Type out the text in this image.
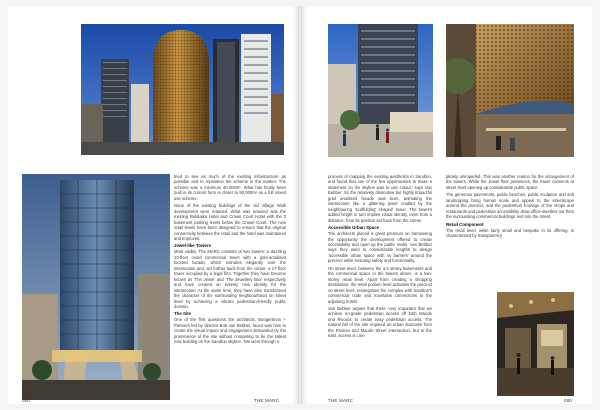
tried to see as much of the existing infrastructure as possible and to reposition the scheme in the market. The scheme was a minimum 40,000m², What has finally been built in its current form is closer to 90,000m² as a full mixed use scheme.

None of the existing buildings of the old Village Walk development were retained. What was retained was the existing Balalaika Hotel and Crown Court Hotel with the 3 basement parking levels below the Crown Court. The new retail levels have been designed to ensure that the original connectivity between the retail and the hotel was maintained and improved.

Jewel-like Towers

Most visibly, The MARC consists of two towers: a dazzling 10-floor ovoid commercial tower with a gold-anodised faceted facade, which extrudes elegantly over the intersection and, set further back from the corner, a 17-floor tower occupied by a legal firm. Together they have become known as 'The Jewel' and 'The Jewellery Box' respectively and have created an entirely new identity for the intersection. At the same time, they have also transformed the character of the surrounding neighbourhood on street level by achieving a vibrant pedestrian-friendly public domain.

The Site

One of the first questions the architects, Boogertman + Partners led by director Bob van Bebber, faced was how to create the visual impact and engagement demanded by the prominence of the site without competing to be the tallest new building on the Sandton skyline. 'We went through a

000	THE MARC

process of mapping the existing aesthetics in Sandton, and found that one of the few opportunities to make a statement on the skyline was to use colour,' says Van Bebber. So the relatively diminutive but highly impactful gold anodised facade was born, animating the intersection like a glittering jewel cradled by the neighbouring 'scaffolding' shaped' tower. The tower's added height in turn implies visual identity, even from a distance, from its position set back from the corner.

Accessible Urban Space

The architects placed a great premium on harnessing the opportunity the development offered to create accessibility and open up the public realm. Van Bebber says they went to considerable lengths to design 'accessible urban space with no barriers' around the precinct while ensuring safety and functionality.

On street level, between the 4.5 storey basements and the commercial space in the towers above, is a two-storey retail level. Apart from creating a shopping destination, the retail podium level activates the precinct on street level, reintegrates the complex with Sandton's commercial node and maintains connections to the adjoining hotels.

Van Bebber argues that there 'very important that we achieve on-grade pedestrian access off both Maude and Rivonia' to create easy pedestrian access. The natural fall of the site required an urban staircase from the Rivonia and Maude Street intersection, but to the east, access is com-

pletely unimpeded. This was another reason for the arrangement of the towers. While the Jewel floor presences, the tower connects at street level opening up considerable public space.

The generous pavements, public benches, public sculpture and soft landscaping bring human scale and appeal to the streetscape around the precinct, and the pedestrian frontage of the shops and restaurants and pedestrian accessibility draw office-dwellers out from the surrounding commercial buildings and into the street.

Retail Component

The retail level, while fairly small and bespoke in its offering, is characterised by transparency

THE MARC	000
